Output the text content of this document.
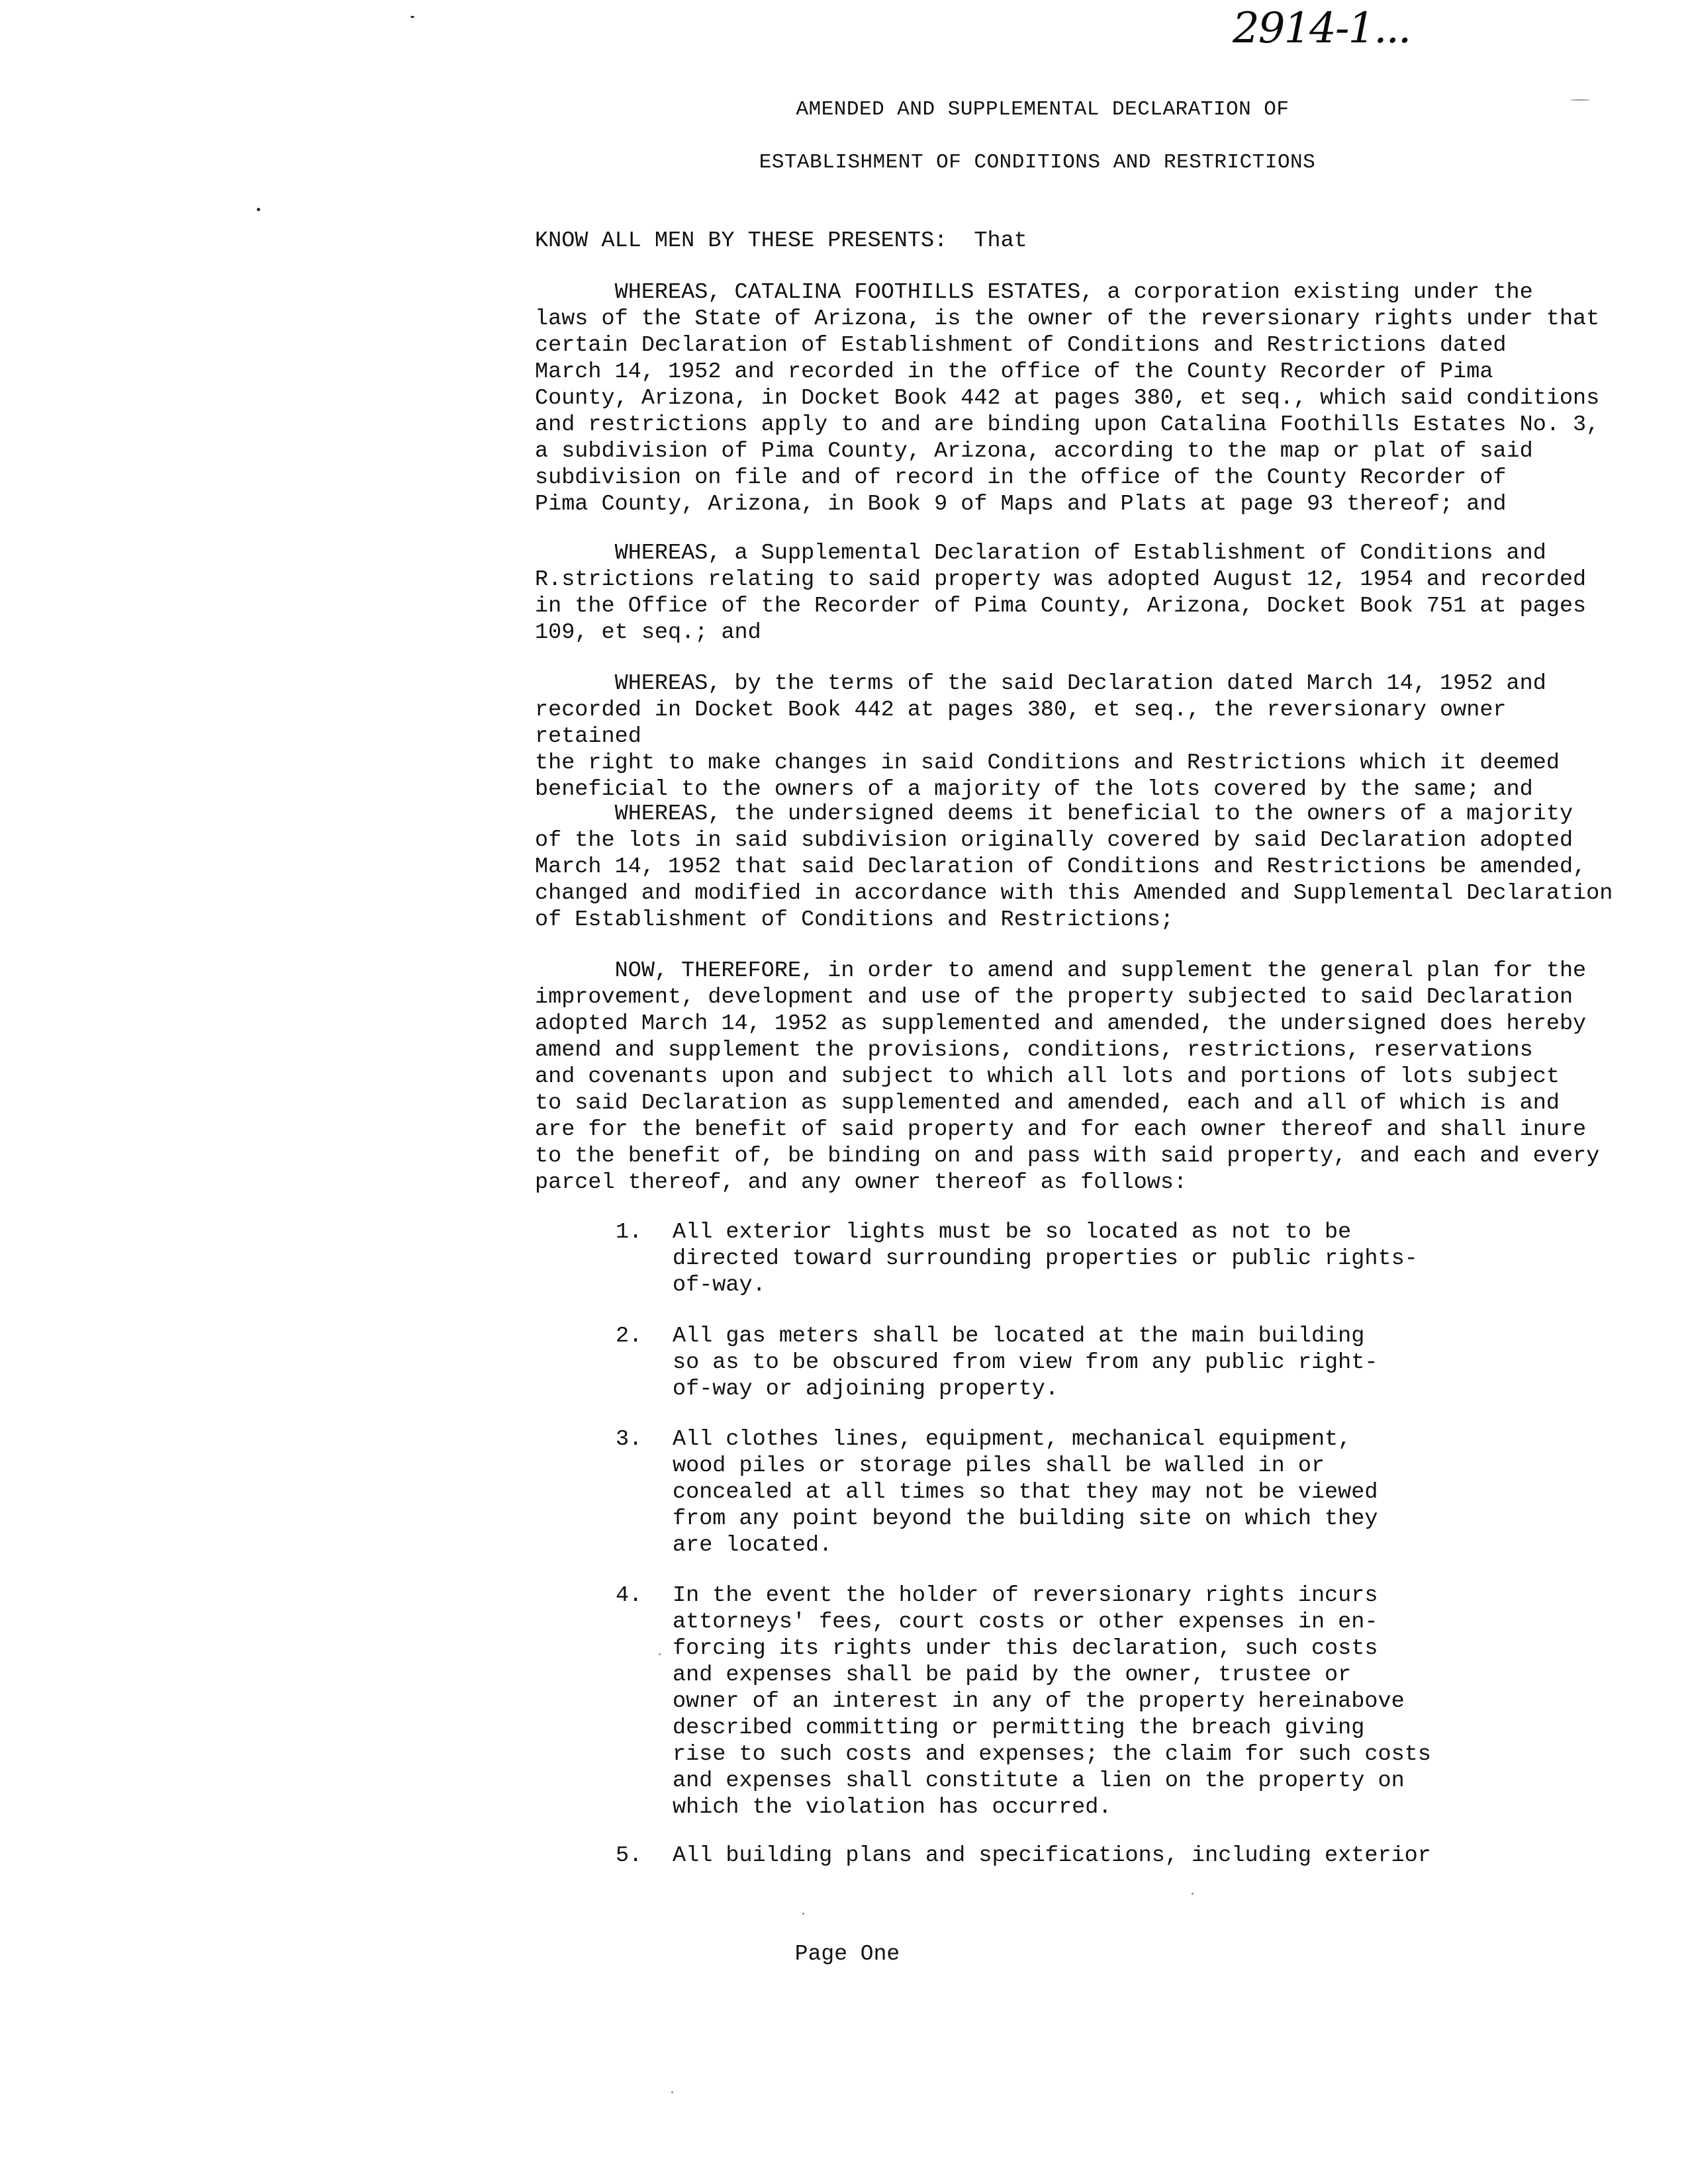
2914-1...
AMENDED AND SUPPLEMENTAL DECLARATION OF
ESTABLISHMENT OF CONDITIONS AND RESTRICTIONS
KNOW ALL MEN BY THESE PRESENTS:  That

WHEREAS, CATALINA FOOTHILLS ESTATES, a corporation existing under the
laws of the State of Arizona, is the owner of the reversionary rights under that
certain Declaration of Establishment of Conditions and Restrictions dated
March 14, 1952 and recorded in the office of the County Recorder of Pima
County, Arizona, in Docket Book 442 at pages 380, et seq., which said conditions
and restrictions apply to and are binding upon Catalina Foothills Estates No. 3,
a subdivision of Pima County, Arizona, according to the map or plat of said
subdivision on file and of record in the office of the County Recorder of
Pima County, Arizona, in Book 9 of Maps and Plats at page 93 thereof; and

WHEREAS, a Supplemental Declaration of Establishment of Conditions and
R.strictions relating to said property was adopted August 12, 1954 and recorded
in the Office of the Recorder of Pima County, Arizona, Docket Book 751 at pages
109, et seq.; and

WHEREAS, by the terms of the said Declaration dated March 14, 1952 and
recorded in Docket Book 442 at pages 380, et seq., the reversionary owner retained
the right to make changes in said Conditions and Restrictions which it deemed
beneficial to the owners of a majority of the lots covered by the same; and

WHEREAS, the undersigned deems it beneficial to the owners of a majority
of the lots in said subdivision originally covered by said Declaration adopted
March 14, 1952 that said Declaration of Conditions and Restrictions be amended,
changed and modified in accordance with this Amended and Supplemental Declaration
of Establishment of Conditions and Restrictions;

NOW, THEREFORE, in order to amend and supplement the general plan for the
improvement, development and use of the property subjected to said Declaration
adopted March 14, 1952 as supplemented and amended, the undersigned does hereby
amend and supplement the provisions, conditions, restrictions, reservations
and covenants upon and subject to which all lots and portions of lots subject
to said Declaration as supplemented and amended, each and all of which is and
are for the benefit of said property and for each owner thereof and shall inure
to the benefit of, be binding on and pass with said property, and each and every
parcel thereof, and any owner thereof as follows:

1. All exterior lights must be so located as not to be
directed toward surrounding properties or public rights-
of-way.

2. All gas meters shall be located at the main building
so as to be obscured from view from any public right-
of-way or adjoining property.

3. All clothes lines, equipment, mechanical equipment,
wood piles or storage piles shall be walled in or
concealed at all times so that they may not be viewed
from any point beyond the building site on which they
are located.

4. In the event the holder of reversionary rights incurs
attorneys' fees, court costs or other expenses in en-
forcing its rights under this declaration, such costs
and expenses shall be paid by the owner, trustee or
owner of an interest in any of the property hereinabove
described committing or permitting the breach giving
rise to such costs and expenses; the claim for such costs
and expenses shall constitute a lien on the property on
which the violation has occurred.

5. All building plans and specifications, including exterior

Page One
